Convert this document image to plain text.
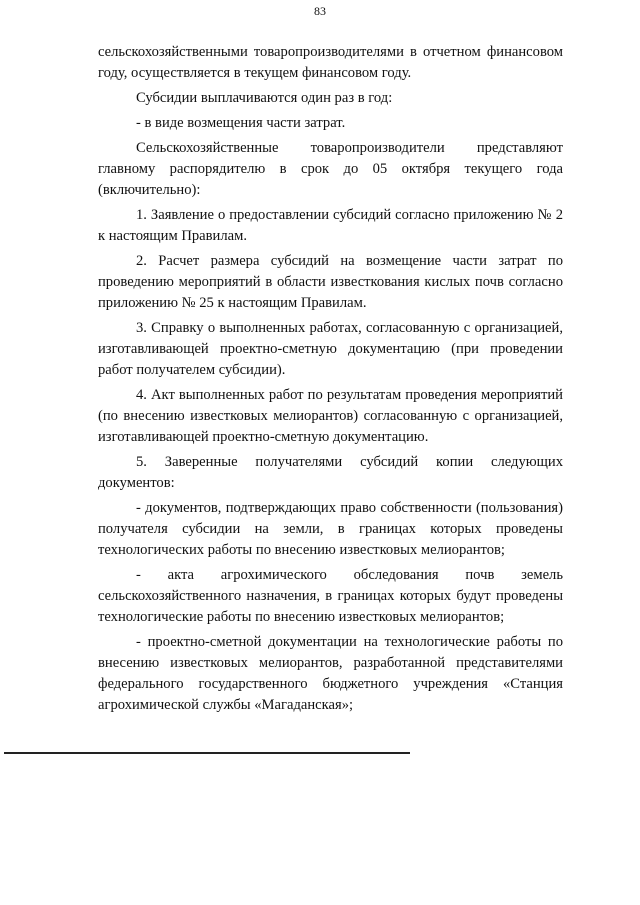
83

сельскохозяйственными товаропроизводителями в отчетном финансовом году, осуществляется в текущем финансовом году.

Субсидии выплачиваются один раз в год:

- в виде возмещения части затрат.

Сельскохозяйственные товаропроизводители представляют главному распорядителю в срок до 05 октября текущего года (включительно):

1. Заявление о предоставлении субсидий согласно приложению № 2 к настоящим Правилам.

2. Расчет размера субсидий на возмещение части затрат по проведению мероприятий в области известкования кислых почв согласно приложению № 25 к настоящим Правилам.

3. Справку о выполненных работах, согласованную с организацией, изготавливающей проектно-сметную документацию (при проведении работ получателем субсидии).

4. Акт выполненных работ по результатам проведения мероприятий (по внесению известковых мелиорантов) согласованную с организацией, изготавливающей проектно-сметную документацию.

5. Заверенные получателями субсидий копии следующих документов:

- документов, подтверждающих право собственности (пользования) получателя субсидии на земли, в границах которых проведены технологических работы по внесению известковых мелиорантов;

- акта агрохимического обследования почв земель сельскохозяйственного назначения, в границах которых будут проведены технологические работы по внесению известковых мелиорантов;

- проектно-сметной документации на технологические работы по внесению известковых мелиорантов, разработанной представителями федерального государственного бюджетного учреждения «Станция агрохимической службы «Магаданская»;
